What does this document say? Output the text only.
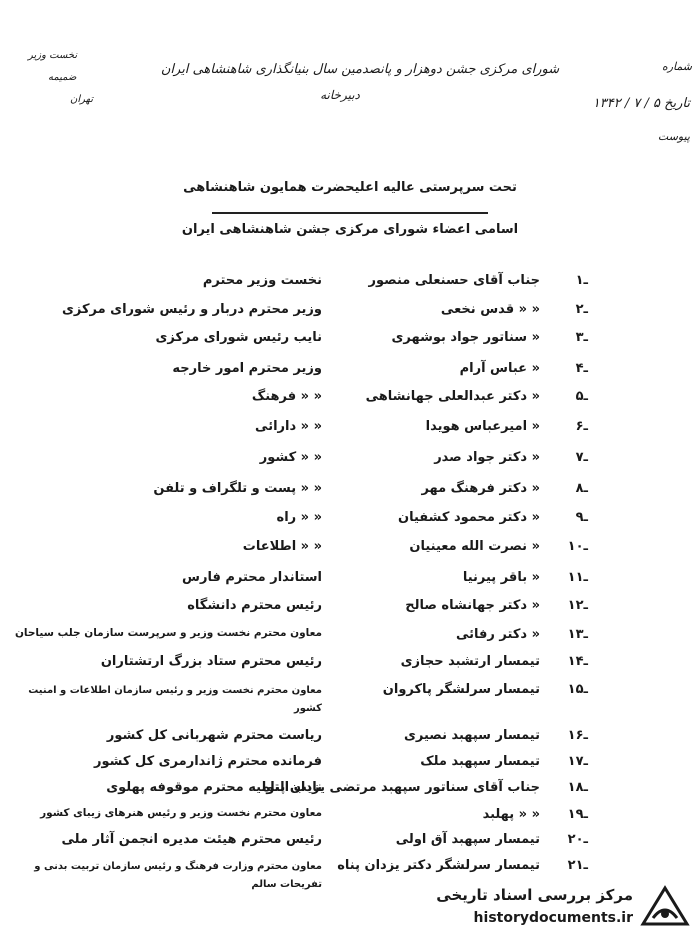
شورای مرکزی جشن دوهزار و پانصدمین سال بنیانگذاری شاهنشاهی ایران
دبیرخانه
شماره
تاریخ ۵ / ۷ / ۱۳۴۲
پیوست
نخست وزیر
ضمیمه
تهران
تحت سرپرستی عالیه اعلیحضرت همایون شاهنشاهی
اسامی اعضاء شورای مرکزی جشن شاهنشاهی ایران
۱ـ
جناب آقای حسنعلی منصور
نخست وزیر محترم
۲ـ
« « قدس نخعی
وزیر محترم دربار و رئیس شورای مرکزی
۳ـ
« سناتور جواد بوشهری
نایب رئیس شورای مرکزی
۴ـ
« عباس آرام
وزیر محترم امور خارجه
۵ـ
« دکتر عبدالعلی جهانشاهی
« « فرهنگ
۶ـ
« امیرعباس هویدا
« « دارائی
۷ـ
« دکتر جواد صدر
« « کشور
۸ـ
« دکتر فرهنگ مهر
« « پست و تلگراف و تلفن
۹ـ
« دکتر محمود کشفیان
« « راه
۱۰ـ
« نصرت الله معینیان
« « اطلاعات
۱۱ـ
« باقر پیرنیا
استاندار محترم فارس
۱۲ـ
« دکتر جهانشاه صالح
رئیس محترم دانشگاه
۱۳ـ
« دکتر رفائی
معاون محترم نخست وزیر و سرپرست سازمان جلب سیاحان
۱۴ـ
تیمسار ارتشبد حجازی
رئیس محترم ستاد بزرگ ارتشتاران
۱۵ـ
تیمسار سرلشگر پاکروان
معاون محترم نخست وزیر و رئیس سازمان اطلاعات و امنیت کشور
۱۶ـ
تیمسار سپهبد نصیری
ریاست محترم شهربانی کل کشور
۱۷ـ
تیمسار سپهبد ملک
فرمانده محترم ژاندارمری کل کشور
۱۸ـ
جناب آقای سناتور سپهبد مرتضی یزدان پناه
نایب التولیه محترم موقوفه پهلوی
۱۹ـ
« « پهلبد
معاون محترم نخست وزیر و رئیس هنرهای زیبای کشور
۲۰ـ
تیمسار سپهبد آق اولی
رئیس محترم هیئت مدیره انجمن آثار ملی
۲۱ـ
تیمسار سرلشگر دکتر یزدان پناه
معاون محترم وزارت فرهنگ و رئیس سازمان تربیت بدنی و تفریحات سالم
مرکز بررسی اسناد تاریخی
historydocuments.ir
